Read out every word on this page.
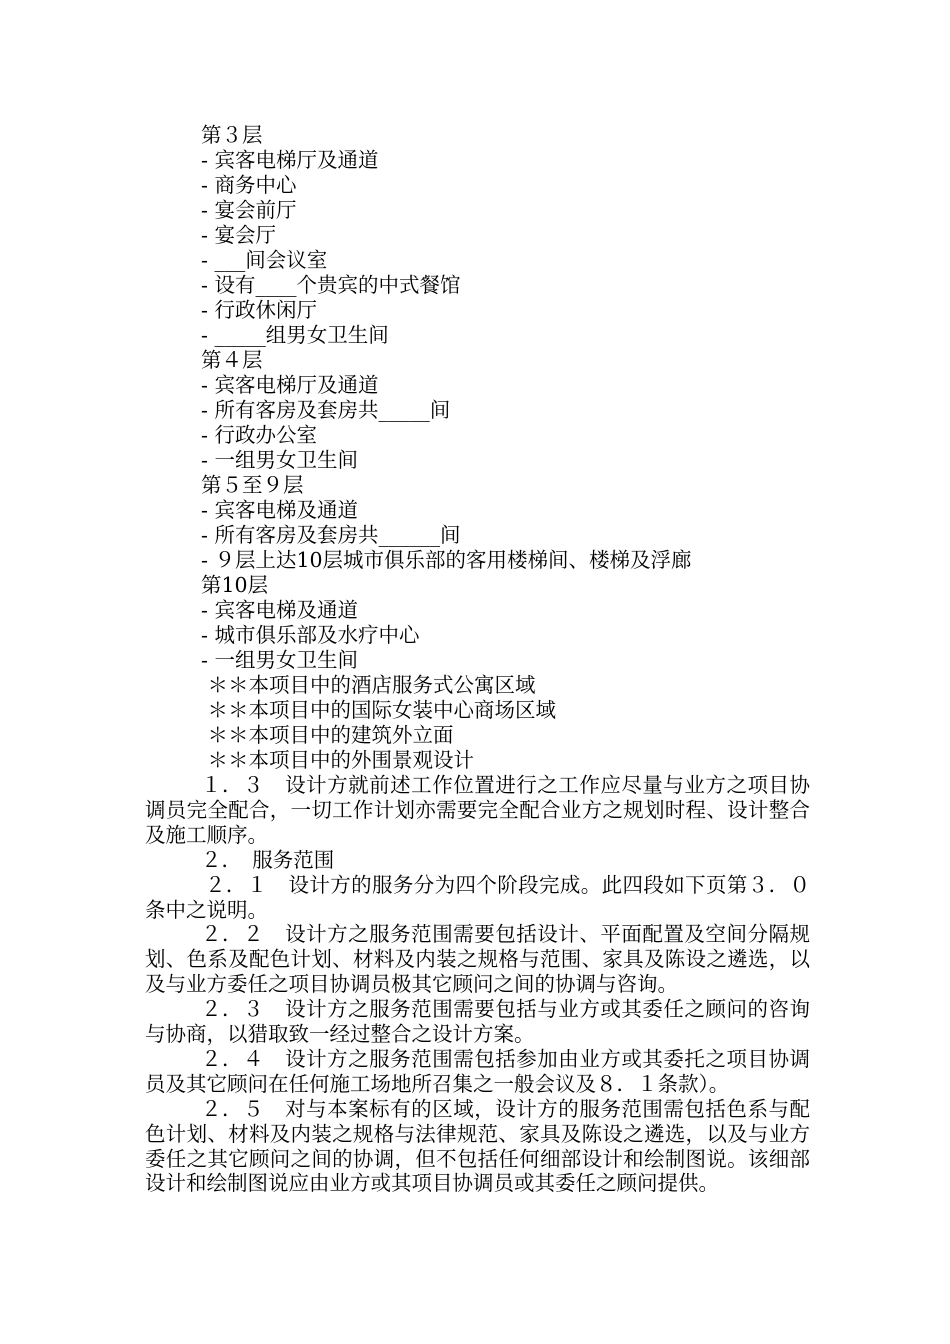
第３层
- 宾客电梯厅及通道
- 商务中心
- 宴会前厅
- 宴会厅
- ___间会议室
- 设有____个贵宾的中式餐馆
- 行政休闲厅
- _____组男女卫生间
第４层
- 宾客电梯厅及通道
- 所有客房及套房共_____间
- 行政办公室
- 一组男女卫生间
第５至９层
- 宾客电梯及通道
- 所有客房及套房共______间
- ９层上达10层城市俱乐部的客用楼梯间、楼梯及浮廊
第10层
- 宾客电梯及通道
- 城市俱乐部及水疗中心
- 一组男女卫生间
＊＊本项目中的酒店服务式公寓区域
＊＊本项目中的国际女装中心商场区域
＊＊本项目中的建筑外立面
＊＊本项目中的外围景观设计
１．３　设计方就前述工作位置进行之工作应尽量与业方之项目协调员完全配合，一切工作计划亦需要完全配合业方之规划时程、设计整合及施工顺序。
２．　服务范围
２．１　设计方的服务分为四个阶段完成。此四段如下页第３．０条中之说明。
２．２　设计方之服务范围需要包括设计、平面配置及空间分隔规划、色系及配色计划、材料及内装之规格与范围、家具及陈设之遴选，以及与业方委任之项目协调员极其它顾问之间的协调与咨询。
２．３　设计方之服务范围需要包括与业方或其委任之顾问的咨询与协商，以猎取致一经过整合之设计方案。
２．４　设计方之服务范围需包括参加由业方或其委托之项目协调员及其它顾问在任何施工场地所召集之一般会议及８．１条款）。
２．５　对与本案标有的区域，设计方的服务范围需包括色系与配色计划、材料及内装之规格与法律规范、家具及陈设之遴选，以及与业方委任之其它顾问之间的协调，但不包括任何细部设计和绘制图说。该细部设计和绘制图说应由业方或其项目协调员或其委任之顾问提供。
